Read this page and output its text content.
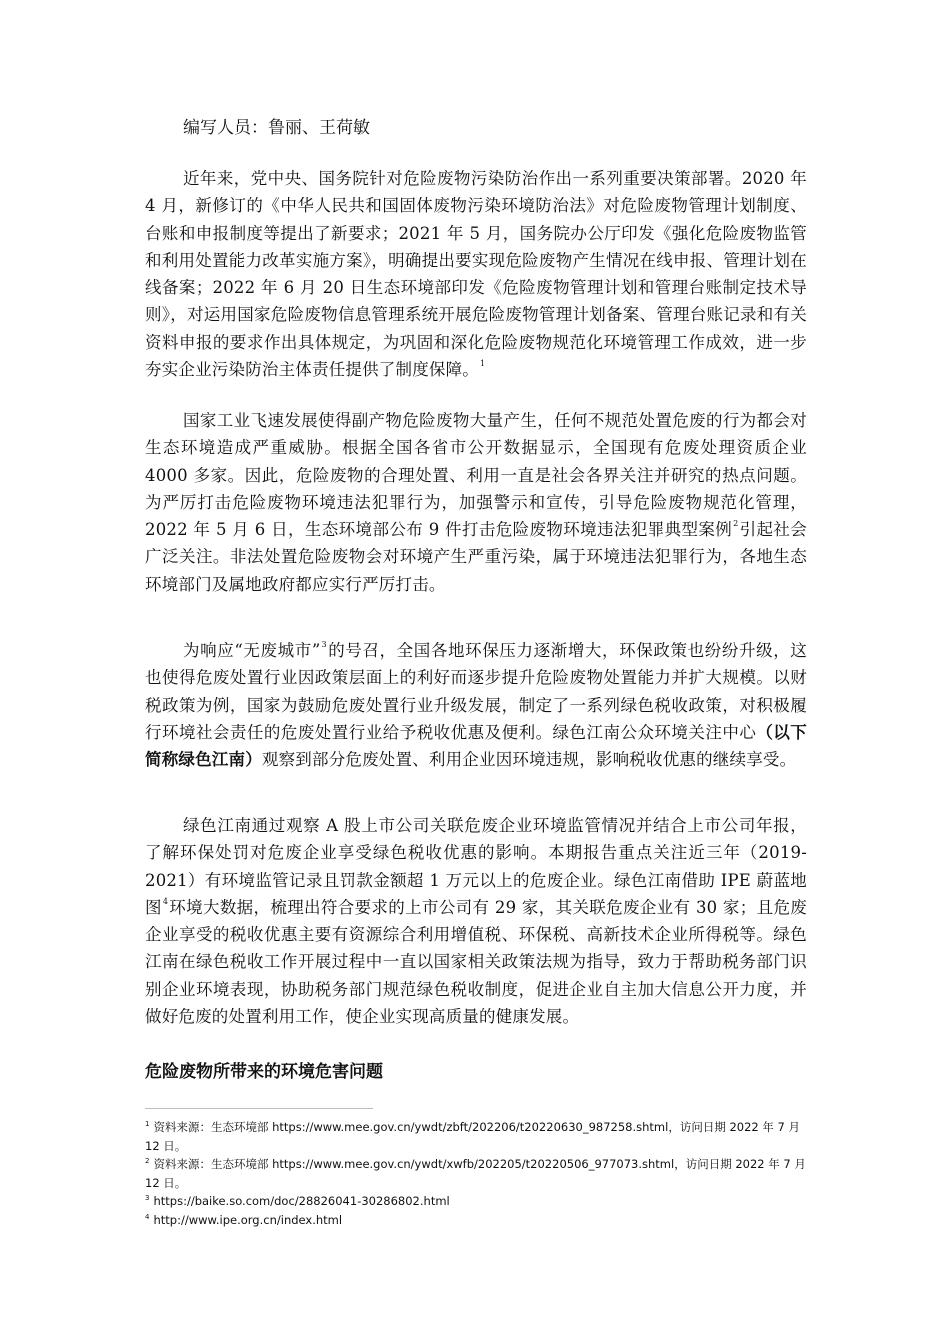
编写人员：鲁丽、王荷敏

近年来，党中央、国务院针对危险废物污染防治作出一系列重要决策部署。2020 年 4 月，新修订的《中华人民共和国固体废物污染环境防治法》对危险废物管理计划制度、台账和申报制度等提出了新要求；2021 年 5 月，国务院办公厅印发《强化危险废物监管和利用处置能力改革实施方案》，明确提出要实现危险废物产生情况在线申报、管理计划在线备案；2022 年 6 月 20 日生态环境部印发《危险废物管理计划和管理台账制定技术导则》，对运用国家危险废物信息管理系统开展危险废物管理计划备案、管理台账记录和有关资料申报的要求作出具体规定，为巩固和深化危险废物规范化环境管理工作成效，进一步夯实企业污染防治主体责任提供了制度保障。$^1$

国家工业飞速发展使得副产物危险废物大量产生，任何不规范处置危废的行为都会对生态环境造成严重威胁。根据全国各省市公开数据显示，全国现有危废处理资质企业 4000 多家。因此，危险废物的合理处置、利用一直是社会各界关注并研究的热点问题。为严厉打击危险废物环境违法犯罪行为，加强警示和宣传，引导危险废物规范化管理，2022 年 5 月 6 日，生态环境部公布 9 件打击危险废物环境违法犯罪典型案例$^2$引起社会广泛关注。非法处置危险废物会对环境产生严重污染，属于环境违法犯罪行为，各地生态环境部门及属地政府都应实行严厉打击。

为响应“无废城市”$^3$的号召，全国各地环保压力逐渐增大，环保政策也纷纷升级，这也使得危废处置行业因政策层面上的利好而逐步提升危险废物处置能力并扩大规模。以财税政策为例，国家为鼓励危废处置行业升级发展，制定了一系列绿色税收政策，对积极履行环境社会责任的危废处置行业给予税收优惠及便利。绿色江南公众环境关注中心（以下简称绿色江南）观察到部分危废处置、利用企业因环境违规，影响税收优惠的继续享受。

绿色江南通过观察 A 股上市公司关联危废企业环境监管情况并结合上市公司年报，了解环保处罚对危废企业享受绿色税收优惠的影响。本期报告重点关注近三年（2019-2021）有环境监管记录且罚款金额超 1 万元以上的危废企业。绿色江南借助 IPE 蔚蓝地图$^4$环境大数据，梳理出符合要求的上市公司有 29 家，其关联危废企业有 30 家；且危废企业享受的税收优惠主要有资源综合利用增值税、环保税、高新技术企业所得税等。绿色江南在绿色税收工作开展过程中一直以国家相关政策法规为指导，致力于帮助税务部门识别企业环境表现，协助税务部门规范绿色税收制度，促进企业自主加大信息公开力度，并做好危废的处置利用工作，使企业实现高质量的健康发展。

危险废物所带来的环境危害问题

$^1$ 资料来源：生态环境部 https://www.mee.gov.cn/ywdt/zbft/202206/t20220630_987258.shtml，访问日期 2022 年 7 月 12 日。

$^2$ 资料来源：生态环境部 https://www.mee.gov.cn/ywdt/xwfb/202205/t20220506_977073.shtml，访问日期 2022 年 7 月 12 日。

$^3$ https://baike.so.com/doc/28826041-30286802.html

$^4$ http://www.ipe.org.cn/index.html
